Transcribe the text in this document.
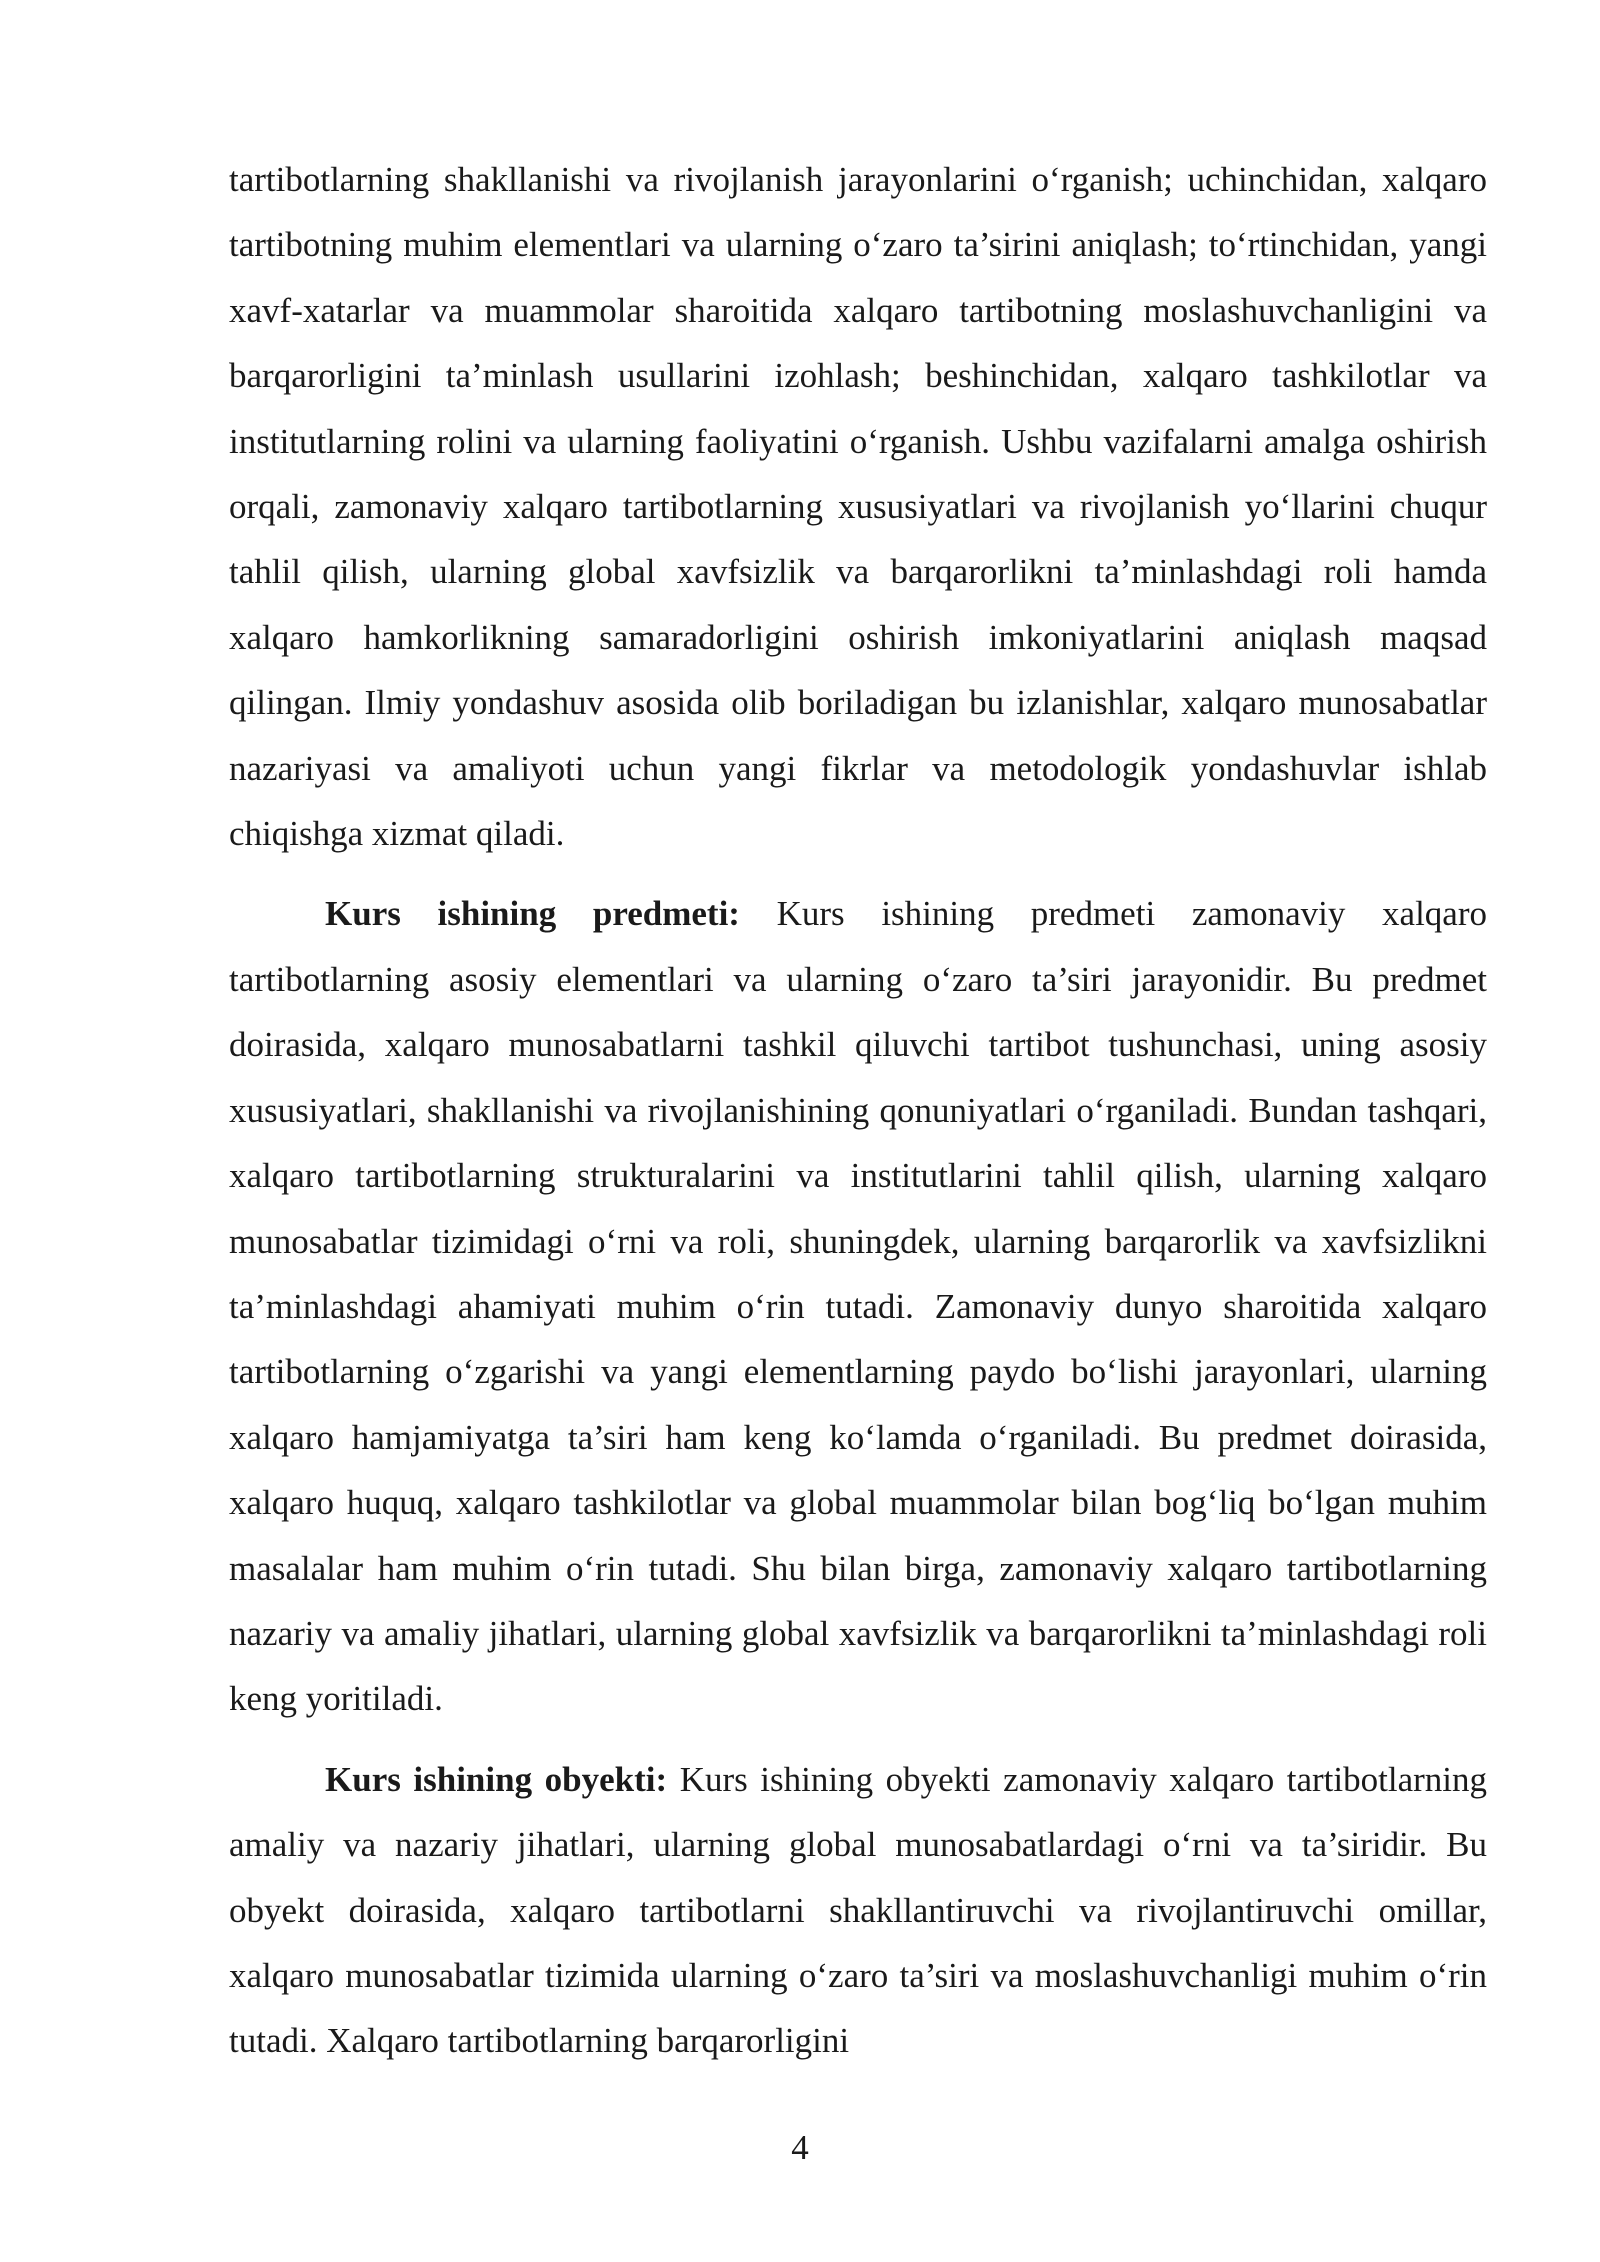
tartibotlarning shakllanishi va rivojlanish jarayonlarini o‘rganish; uchinchidan, xalqaro tartibotning muhim elementlari va ularning o‘zaro ta’sirini aniqlash; to‘rtinchidan, yangi xavf-xatarlar va muammolar sharoitida xalqaro tartibotning moslashuvchanligini va barqarorligini ta’minlash usullarini izohlash; beshinchidan, xalqaro tashkilotlar va institutlarning rolini va ularning faoliyatini o‘rganish. Ushbu vazifalarni amalga oshirish orqali, zamonaviy xalqaro tartibotlarning xususiyatlari va rivojlanish yo‘llarini chuqur tahlil qilish, ularning global xavfsizlik va barqarorlikni ta’minlashdagi roli hamda xalqaro hamkorlikning samaradorligini oshirish imkoniyatlarini aniqlash maqsad qilingan. Ilmiy yondashuv asosida olib boriladigan bu izlanishlar, xalqaro munosabatlar nazariyasi va amaliyoti uchun yangi fikrlar va metodologik yondashuvlar ishlab chiqishga xizmat qiladi.

Kurs ishining predmeti: Kurs ishining predmeti zamonaviy xalqaro tartibotlarning asosiy elementlari va ularning o‘zaro ta’siri jarayonidir. Bu predmet doirasida, xalqaro munosabatlarni tashkil qiluvchi tartibot tushunchasi, uning asosiy xususiyatlari, shakllanishi va rivojlanishining qonuniyatlari o‘rganiladi. Bundan tashqari, xalqaro tartibotlarning strukturalarini va institutlarini tahlil qilish, ularning xalqaro munosabatlar tizimidagi o‘rni va roli, shuningdek, ularning barqarorlik va xavfsizlikni ta’minlashdagi ahamiyati muhim o‘rin tutadi. Zamonaviy dunyo sharoitida xalqaro tartibotlarning o‘zgarishi va yangi elementlarning paydo bo‘lishi jarayonlari, ularning xalqaro hamjamiyatga ta’siri ham keng ko‘lamda o‘rganiladi. Bu predmet doirasida, xalqaro huquq, xalqaro tashkilotlar va global muammolar bilan bog‘liq bo‘lgan muhim masalalar ham muhim o‘rin tutadi. Shu bilan birga, zamonaviy xalqaro tartibotlarning nazariy va amaliy jihatlari, ularning global xavfsizlik va barqarorlikni ta’minlashdagi roli keng yoritiladi.

Kurs ishining obyekti: Kurs ishining obyekti zamonaviy xalqaro tartibotlarning amaliy va nazariy jihatlari, ularning global munosabatlardagi o‘rni va ta’siridir. Bu obyekt doirasida, xalqaro tartibotlarni shakllantiruvchi va rivojlantiruvchi omillar, xalqaro munosabatlar tizimida ularning o‘zaro ta’siri va moslashuvchanligi muhim o‘rin tutadi. Xalqaro tartibotlarning barqarorligini

4
